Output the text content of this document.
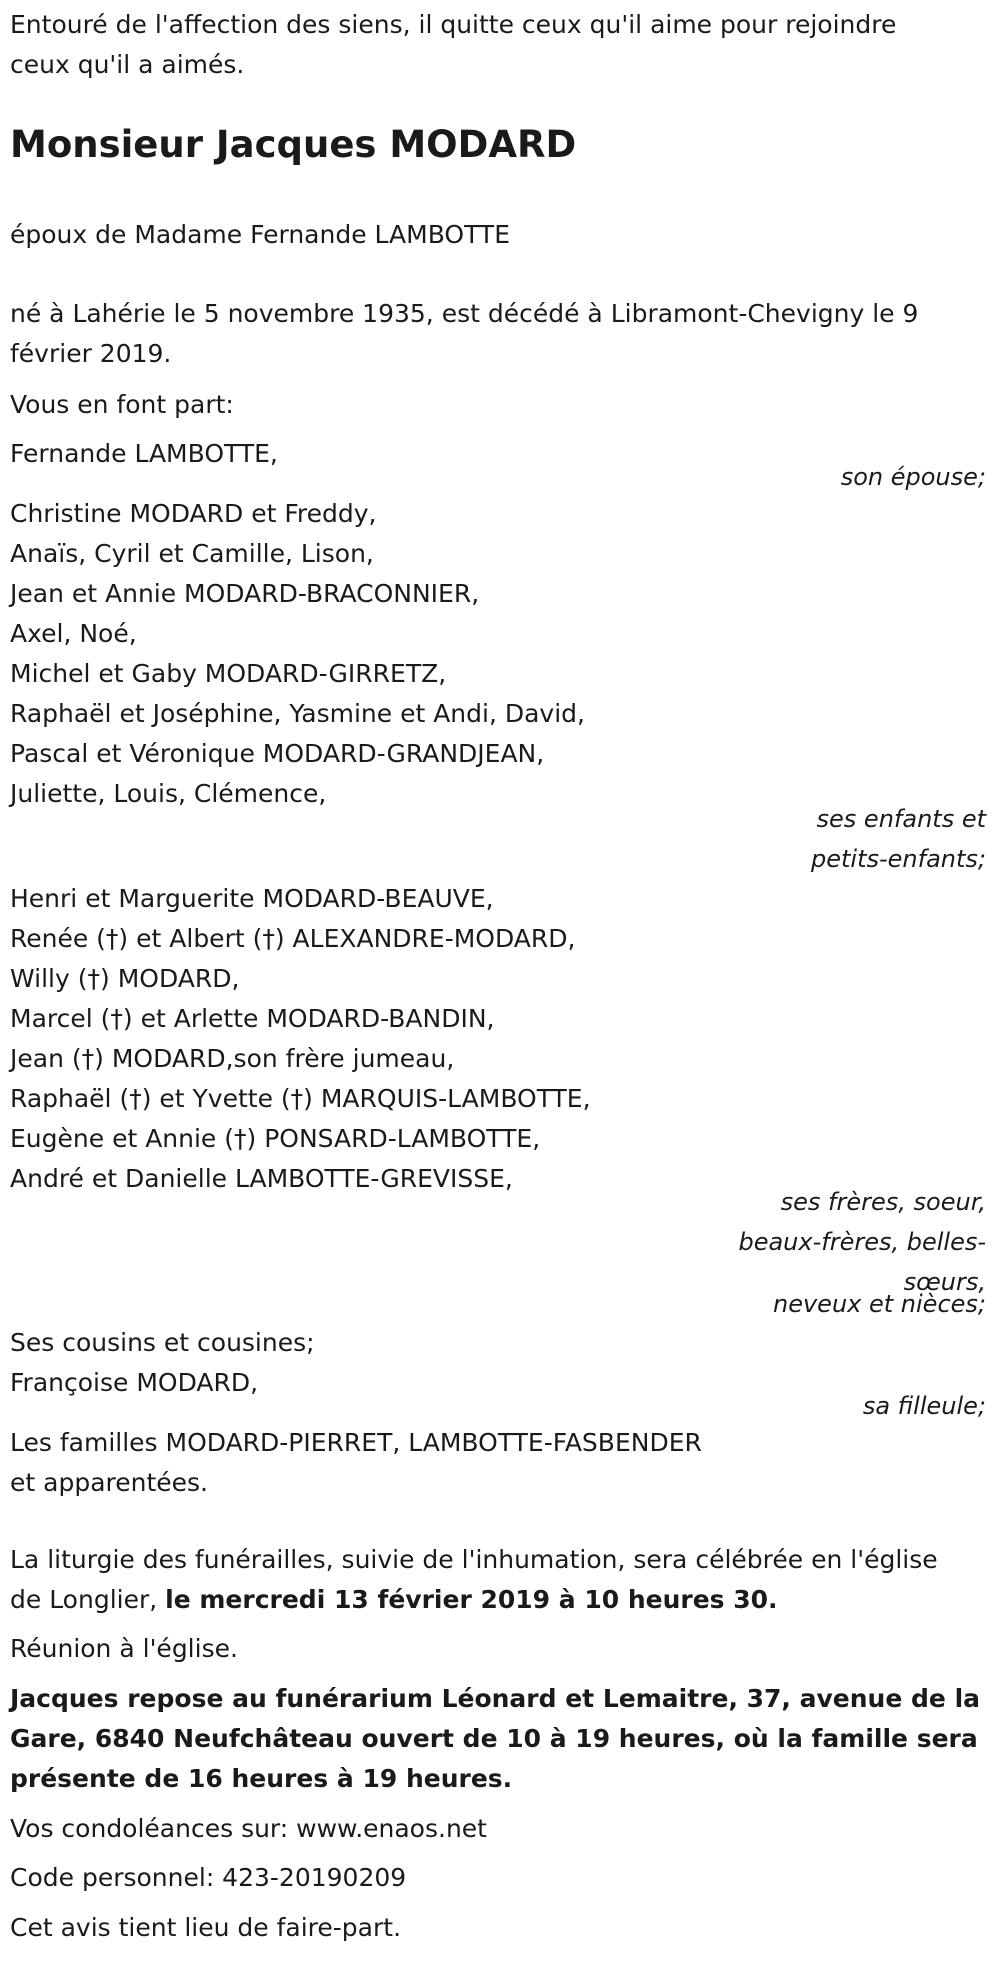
Entouré de l'affection des siens, il quitte ceux qu'il aime pour rejoindre
ceux qu'il a aimés.
Monsieur Jacques MODARD
époux de Madame Fernande LAMBOTTE
né à Lahérie le 5 novembre 1935, est décédé à Libramont-Chevigny le 9
février 2019.
Vous en font part:
Fernande LAMBOTTE,
son épouse;
Christine MODARD et Freddy,
Anaïs, Cyril et Camille, Lison,
Jean et Annie MODARD-BRACONNIER,
Axel, Noé,
Michel et Gaby MODARD-GIRRETZ,
Raphaël et Joséphine, Yasmine et Andi, David,
Pascal et Véronique MODARD-GRANDJEAN,
Juliette, Louis, Clémence,
ses enfants et
petits-enfants;
Henri et Marguerite MODARD-BEAUVE,
Renée (†) et Albert (†) ALEXANDRE-MODARD,
Willy (†) MODARD,
Marcel (†) et Arlette MODARD-BANDIN,
Jean (†) MODARD,son frère jumeau,
Raphaël (†) et Yvette (†) MARQUIS-LAMBOTTE,
Eugène et Annie (†) PONSARD-LAMBOTTE,
André et Danielle LAMBOTTE-GREVISSE,
ses frères, soeur,
beaux-frères, belles-
sœurs,
neveux et nièces;
Ses cousins et cousines;
Françoise MODARD,
sa filleule;
Les familles MODARD-PIERRET, LAMBOTTE-FASBENDER
et apparentées.
La liturgie des funérailles, suivie de l'inhumation, sera célébrée en l'église
de Longlier, le mercredi 13 février 2019 à 10 heures 30.
Réunion à l'église.
Jacques repose au funérarium Léonard et Lemaitre, 37, avenue de la
Gare, 6840 Neufchâteau ouvert de 10 à 19 heures, où la famille sera
présente de 16 heures à 19 heures.
Vos condoléances sur: www.enaos.net
Code personnel: 423-20190209
Cet avis tient lieu de faire-part.
